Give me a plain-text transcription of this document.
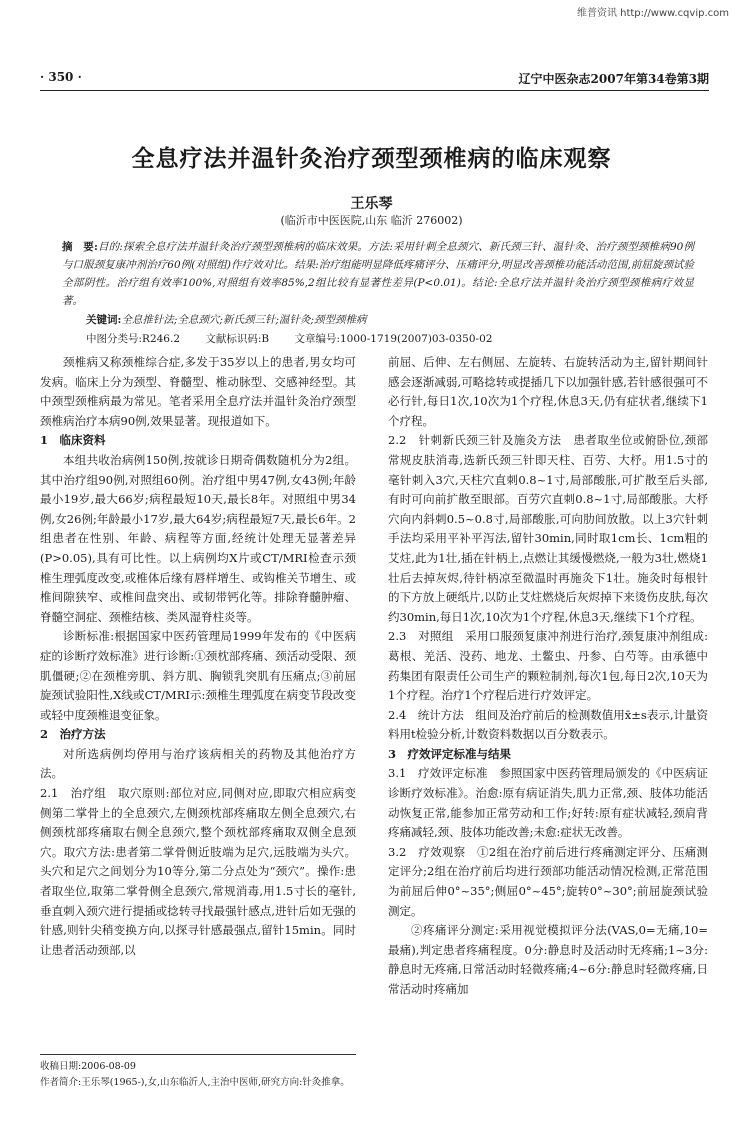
维普资讯 http://www.cqvip.com
· 350 ·	辽宁中医杂志2007年第34卷第3期
全息疗法并温针灸治疗颈型颈椎病的临床观察
王乐琴
(临沂市中医医院,山东 临沂 276002)
摘　要:目的:探索全息疗法并温针灸治疗颈型颈椎病的临床效果。方法:采用针刺全息颈穴、新氏颈三针、温针灸、治疗颈型颈椎病90例与口服颈复康冲剂治疗60例(对照组)作疗效对比。结果:治疗组能明显降低疼痛评分、压痛评分,明显改善颈椎功能活动范围,前屈旋颈试验全部阴性。治疗组有效率100%,对照组有效率85%,2组比较有显著性差异(P<0.01)。结论:全息疗法并温针灸治疗颈型颈椎病疗效显著。
关键词:全息推针法;全息颈穴;新氏颈三针;温针灸;颈型颈椎病
中图分类号:R246.2 文献标识码:B 文章编号:1000-1719(2007)03-0350-02

颈椎病又称颈椎综合症,多发于35岁以上的患者,男女均可发病。临床上分为颈型、脊髓型、椎动脉型、交感神经型。其中颈型颈椎病最为常见。笔者采用全息疗法并温针灸治疗颈型颈椎病治疗本病90例,效果显著。现报道如下。

1　临床资料

本组共收治病例150例,按就诊日期奇偶数随机分为2组。其中治疗组90例,对照组60例。治疗组中男47例,女43例;年龄最小19岁,最大66岁;病程最短10天,最长8年。对照组中男34例,女26例;年龄最小17岁,最大64岁;病程最短7天,最长6年。2组患者在性别、年龄、病程等方面,经统计处理无显著差异(P>0.05),具有可比性。以上病例均X片或CT/MRI检查示颈椎生理弧度改变,或椎体后缘有唇样增生、或钩椎关节增生、或椎间隙狭窄、或椎间盘突出、或韧带钙化等。排除脊髓肿瘤、脊髓空洞症、颈椎结核、类风湿脊柱炎等。

诊断标准:根据国家中医药管理局1999年发布的《中医病症的诊断疗效标准》进行诊断:①颈枕部疼痛、颈活动受限、颈肌僵硬;②在颈椎旁肌、斜方肌、胸锁乳突肌有压痛点;③前屈旋颈试验阳性,X线或CT/MRI示:颈椎生理弧度在病变节段改变或轻中度颈椎退变征象。

2　治疗方法

对所选病例均停用与治疗该病相关的药物及其他治疗方法。

2.1　治疗组　取穴原则:部位对应,同侧对应,即取穴相应病变侧第二掌骨上的全息颈穴,左侧颈枕部疼痛取左侧全息颈穴,右侧颈枕部疼痛取右侧全息颈穴,整个颈枕部疼痛取双侧全息颈穴。取穴方法:患者第二掌骨侧近肢端为足穴,远肢端为头穴。头穴和足穴之间划分为10等分,第二分点处为“颈穴”。操作:患者取坐位,取第二掌骨侧全息颈穴,常规消毒,用1.5寸长的毫针,垂直刺入颈穴进行提插或捻转寻找最强针感点,进针后如无强的针感,则针尖稍变换方向,以探寻针感最强点,留针15min。同时让患者活动颈部,以

前屈、后伸、左右侧屈、左旋转、右旋转活动为主,留针期间针感会逐渐减弱,可略捻转或提插几下以加强针感,若针感很强可不必行针,每日1次,10次为1个疗程,休息3天,仍有症状者,继续下1个疗程。

2.2　针刺新氏颈三针及施灸方法　患者取坐位或俯卧位,颈部常规皮肤消毒,选新氏颈三针即天柱、百劳、大杼。用1.5寸的毫针刺入3穴,天柱穴直刺0.8~1寸,局部酸胀,可扩散至后头部,有时可向前扩散至眼部。百劳穴直刺0.8~1寸,局部酸胀。大杼穴向内斜刺0.5~0.8寸,局部酸胀,可向肋间放散。以上3穴针刺手法均采用平补平泻法,留针30min,同时取1cm长、1cm粗的艾炷,此为1壮,插在针柄上,点燃让其缓慢燃烧,一般为3壮,燃烧1壮后去掉灰烬,待针柄凉至微温时再施灸下1壮。施灸时每根针的下方放上硬纸片,以防止艾炷燃烧后灰烬掉下来烫伤皮肤,每次约30min,每日1次,10次为1个疗程,休息3天,继续下1个疗程。

2.3　对照组　采用口服颈复康冲剂进行治疗,颈复康冲剂组成:葛根、羌活、没药、地龙、土鳖虫、丹参、白芍等。由承德中药集团有限责任公司生产的颗粒制剂,每次1包,每日2次,10天为1个疗程。治疗1个疗程后进行疗效评定。

2.4　统计方法　组间及治疗前后的检测数值用x̄±s表示,计量资料用t检验分析,计数资料数据以百分数表示。

3　疗效评定标准与结果

3.1　疗效评定标准　参照国家中医药管理局颁发的《中医病证诊断疗效标准》。治愈:原有病证消失,肌力正常,颈、肢体功能活动恢复正常,能参加正常劳动和工作;好转:原有症状减轻,颈肩背疼痛减轻,颈、肢体功能改善;未愈:症状无改善。

3.2　疗效观察　①2组在治疗前后进行疼痛测定评分、压痛测定评分;2组在治疗前后均进行颈部功能活动情况检测,正常范围为前屈后伸0°~35°;侧屈0°~45°;旋转0°~30°;前屈旋颈试验测定。

②疼痛评分测定:采用视觉模拟评分法(VAS,0=无痛,10=最痛),判定患者疼痛程度。0分:静息时及活动时无疼痛;1~3分:静息时无疼痛,日常活动时轻微疼痛;4~6分:静息时轻微疼痛,日常活动时疼痛加

收稿日期:2006-08-09

作者简介:王乐琴(1965-),女,山东临沂人,主治中医师,研究方向:针灸推拿。
